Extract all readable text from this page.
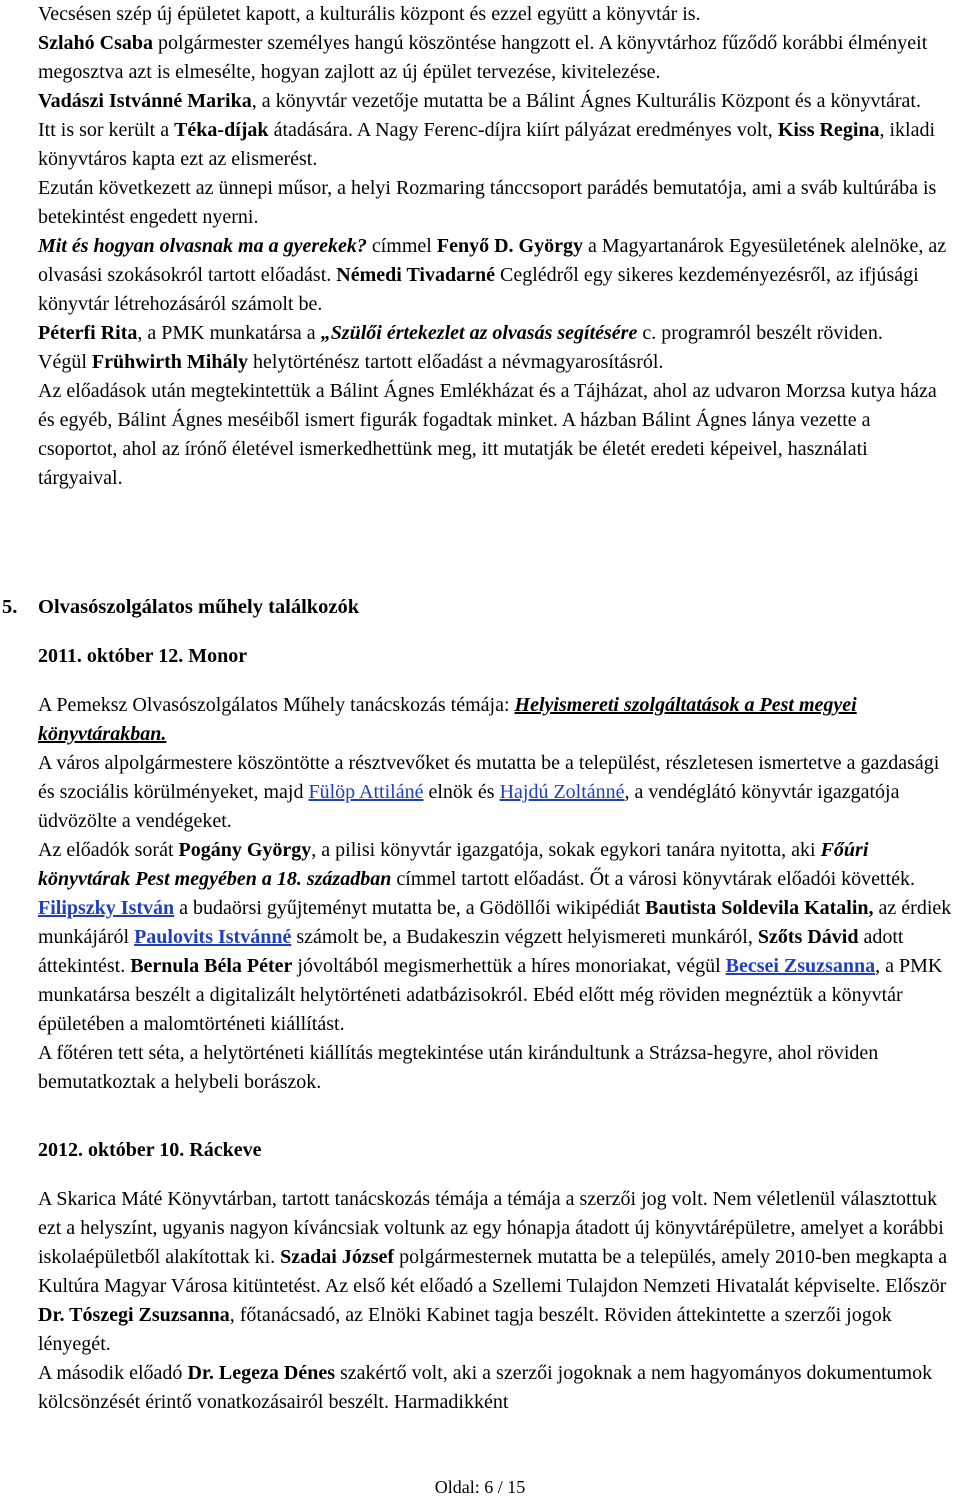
Vecsésen szép új épületet kapott, a kulturális központ és ezzel együtt a könyvtár is.

Szlahó Csaba polgármester személyes hangú köszöntése hangzott el. A könyvtárhoz fűződő korábbi élményeit megosztva azt is elmesélte, hogyan zajlott az új épület tervezése, kivitelezése.

Vadászi Istvánné Marika, a könyvtár vezetője mutatta be a Bálint Ágnes Kulturális Központ és a könyvtárat.

Itt is sor került a Téka-díjak átadására. A Nagy Ferenc-díjra kiírt pályázat eredményes volt, Kiss Regina, ikladi könyvtáros kapta ezt az elismerést.

Ezután következett az ünnepi műsor, a helyi Rozmaring tánccsoport parádés bemutatója, ami a sváb kultúrába is betekintést engedett nyerni.

Mit és hogyan olvasnak ma a gyerekek? címmel Fenyő D. György a Magyartanárok Egyesületének alelnöke, az olvasási szokásokról tartott előadást. Némedi Tivadarné Ceglédről egy sikeres kezdeményezésről, az ifjúsági könyvtár létrehozásáról számolt be.

Péterfi Rita, a PMK munkatársa a „Szülői értekezlet az olvasás segítésére c. programról beszélt röviden.

Végül Frühwirth Mihály helytörténész tartott előadást a névmagyarosításról.

Az előadások után megtekintettük a Bálint Ágnes Emlékházat és a Tájházat, ahol az udvaron Morzsa kutya háza és egyéb, Bálint Ágnes meséiből ismert figurák fogadtak minket. A házban Bálint Ágnes lánya vezette a csoportot, ahol az írónő életével ismerkedhettünk meg, itt mutatják be életét eredeti képeivel, használati tárgyaival.

5. Olvasószolgálatos műhely találkozók
2011. október 12. Monor

A Pemeksz Olvasószolgálatos Műhely tanácskozás témája: Helyismereti szolgáltatások a Pest megyei könyvtárakban.

A város alpolgármestere köszöntötte a résztvevőket és mutatta be a települést, részletesen ismertetve a gazdasági és szociális körülményeket, majd Fülöp Attiláné elnök és Hajdú Zoltánné, a vendéglátó könyvtár igazgatója üdvözölte a vendégeket.

Az előadók sorát Pogány György, a pilisi könyvtár igazgatója, sokak egykori tanára nyitotta, aki Főúri könyvtárak Pest megyében a 18. században címmel tartott előadást. Őt a városi könyvtárak előadói követték. Filipszky István a budaörsi gyűjteményt mutatta be, a Gödöllői wikipédiát Bautista Soldevila Katalin, az érdiek munkájáról Paulovits Istvánné számolt be, a Budakeszin végzett helyismereti munkáról, Szőts Dávid adott áttekintést. Bernula Béla Péter jóvoltából megismerhettük a híres monoriakat, végül Becsei Zsuzsanna, a PMK munkatársa beszélt a digitalizált helytörténeti adatbázisokról. Ebéd előtt még röviden megnéztük a könyvtár épületében a malomtörténeti kiállítást.

A főtéren tett séta, a helytörténeti kiállítás megtekintése után kirándultunk a Strázsa-hegyre, ahol röviden bemutatkoztak a helybeli borászok.

2012. október 10. Ráckeve

A Skarica Máté Könyvtárban, tartott tanácskozás témája a témája a szerzői jog volt. Nem véletlenül választottuk ezt a helyszínt, ugyanis nagyon kíváncsiak voltunk az egy hónapja átadott új könyvtárépületre, amelyet a korábbi iskolaépületből alakítottak ki. Szadai József polgármesternek mutatta be a település, amely 2010-ben megkapta a Kultúra Magyar Városa kitüntetést. Az első két előadó a Szellemi Tulajdon Nemzeti Hivatalát képviselte. Először Dr. Tószegi Zsuzsanna, főtanácsadó, az Elnöki Kabinet tagja beszélt. Röviden áttekintette a szerzői jogok lényegét.

A második előadó Dr. Legeza Dénes szakértő volt, aki a szerzői jogoknak a nem hagyományos dokumentumok kölcsönzését érintő vonatkozásairól beszélt. Harmadikként

Oldal: 6 / 15
